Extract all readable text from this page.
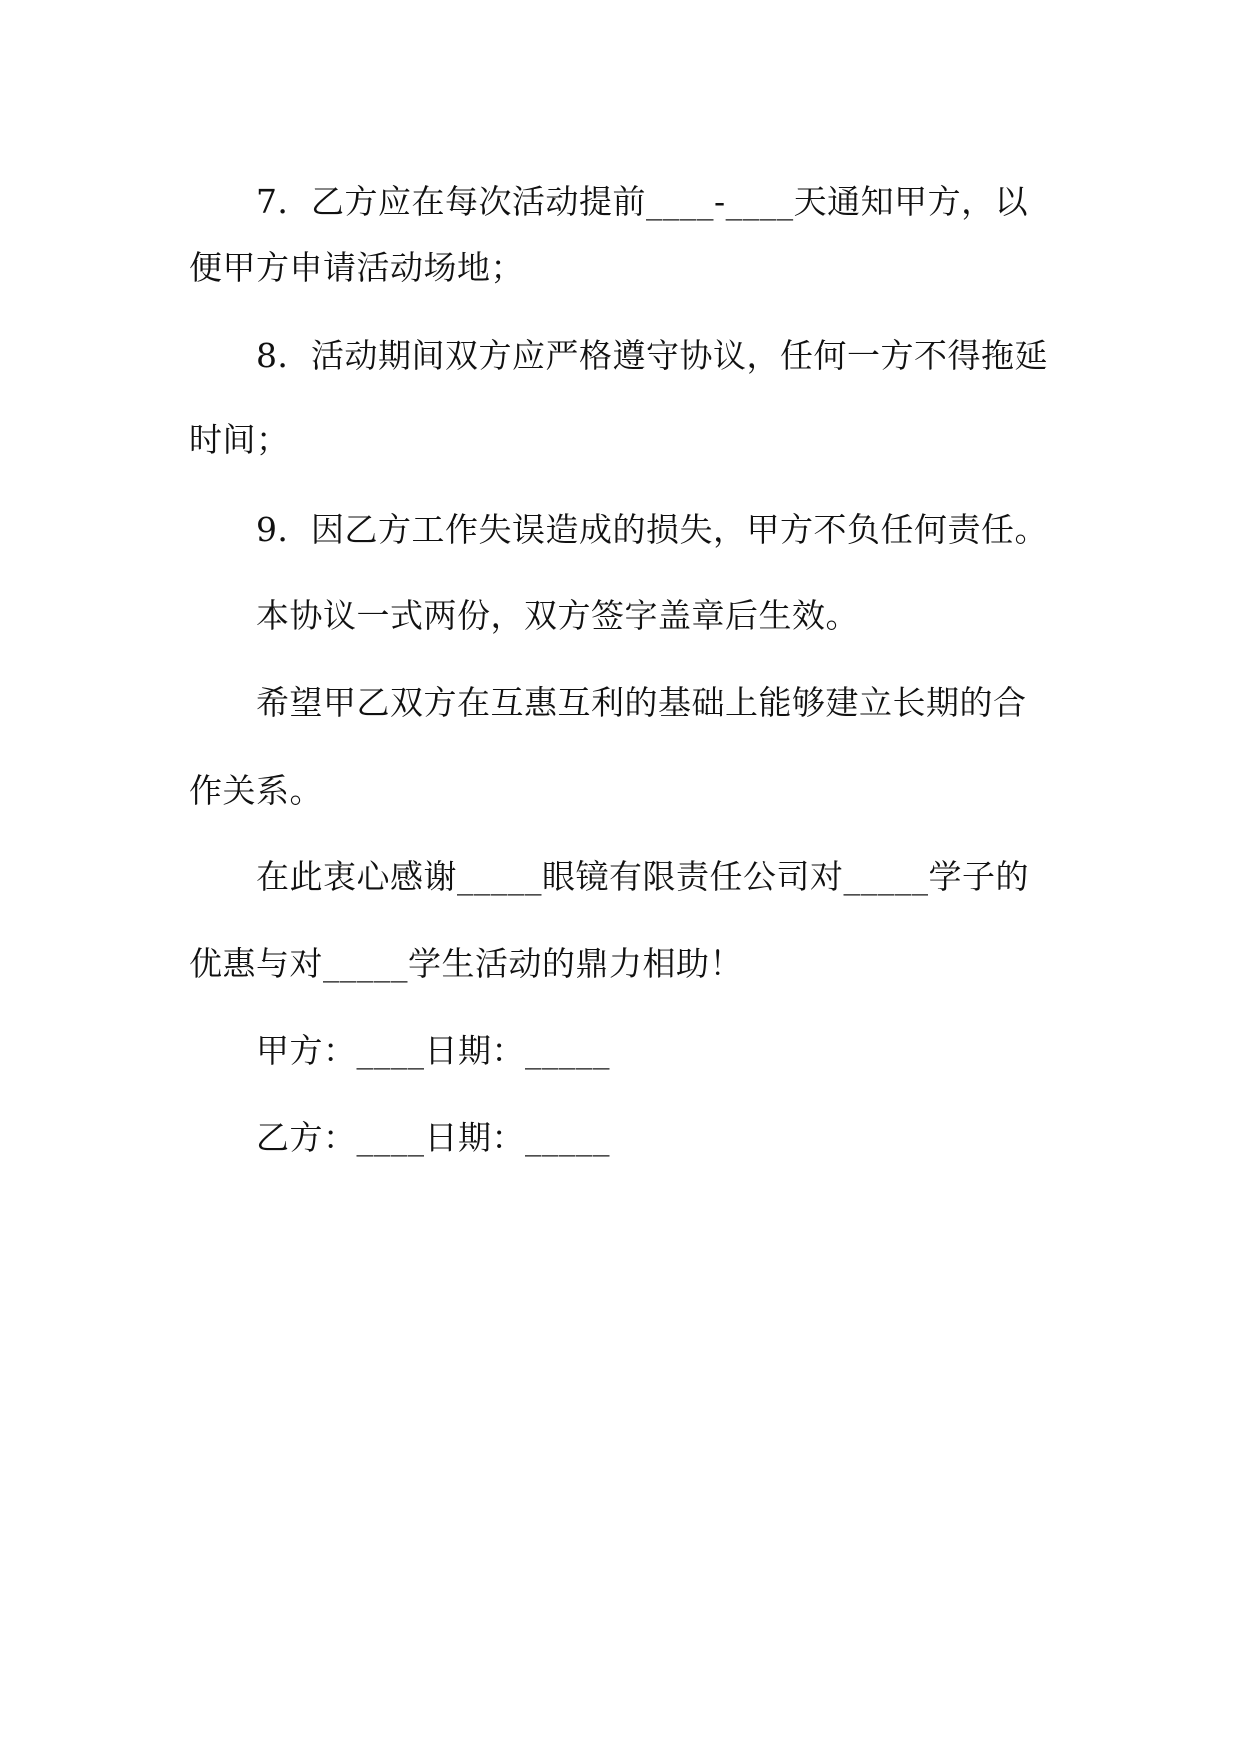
7．乙方应在每次活动提前____-____天通知甲方，以
便甲方申请活动场地；
8．活动期间双方应严格遵守协议，任何一方不得拖延
时间；
9．因乙方工作失误造成的损失，甲方不负任何责任。
本协议一式两份，双方签字盖章后生效。
希望甲乙双方在互惠互利的基础上能够建立长期的合
作关系。
在此衷心感谢_____眼镜有限责任公司对_____学子的
优惠与对_____学生活动的鼎力相助！
甲方：____日期：_____
乙方：____日期：_____
